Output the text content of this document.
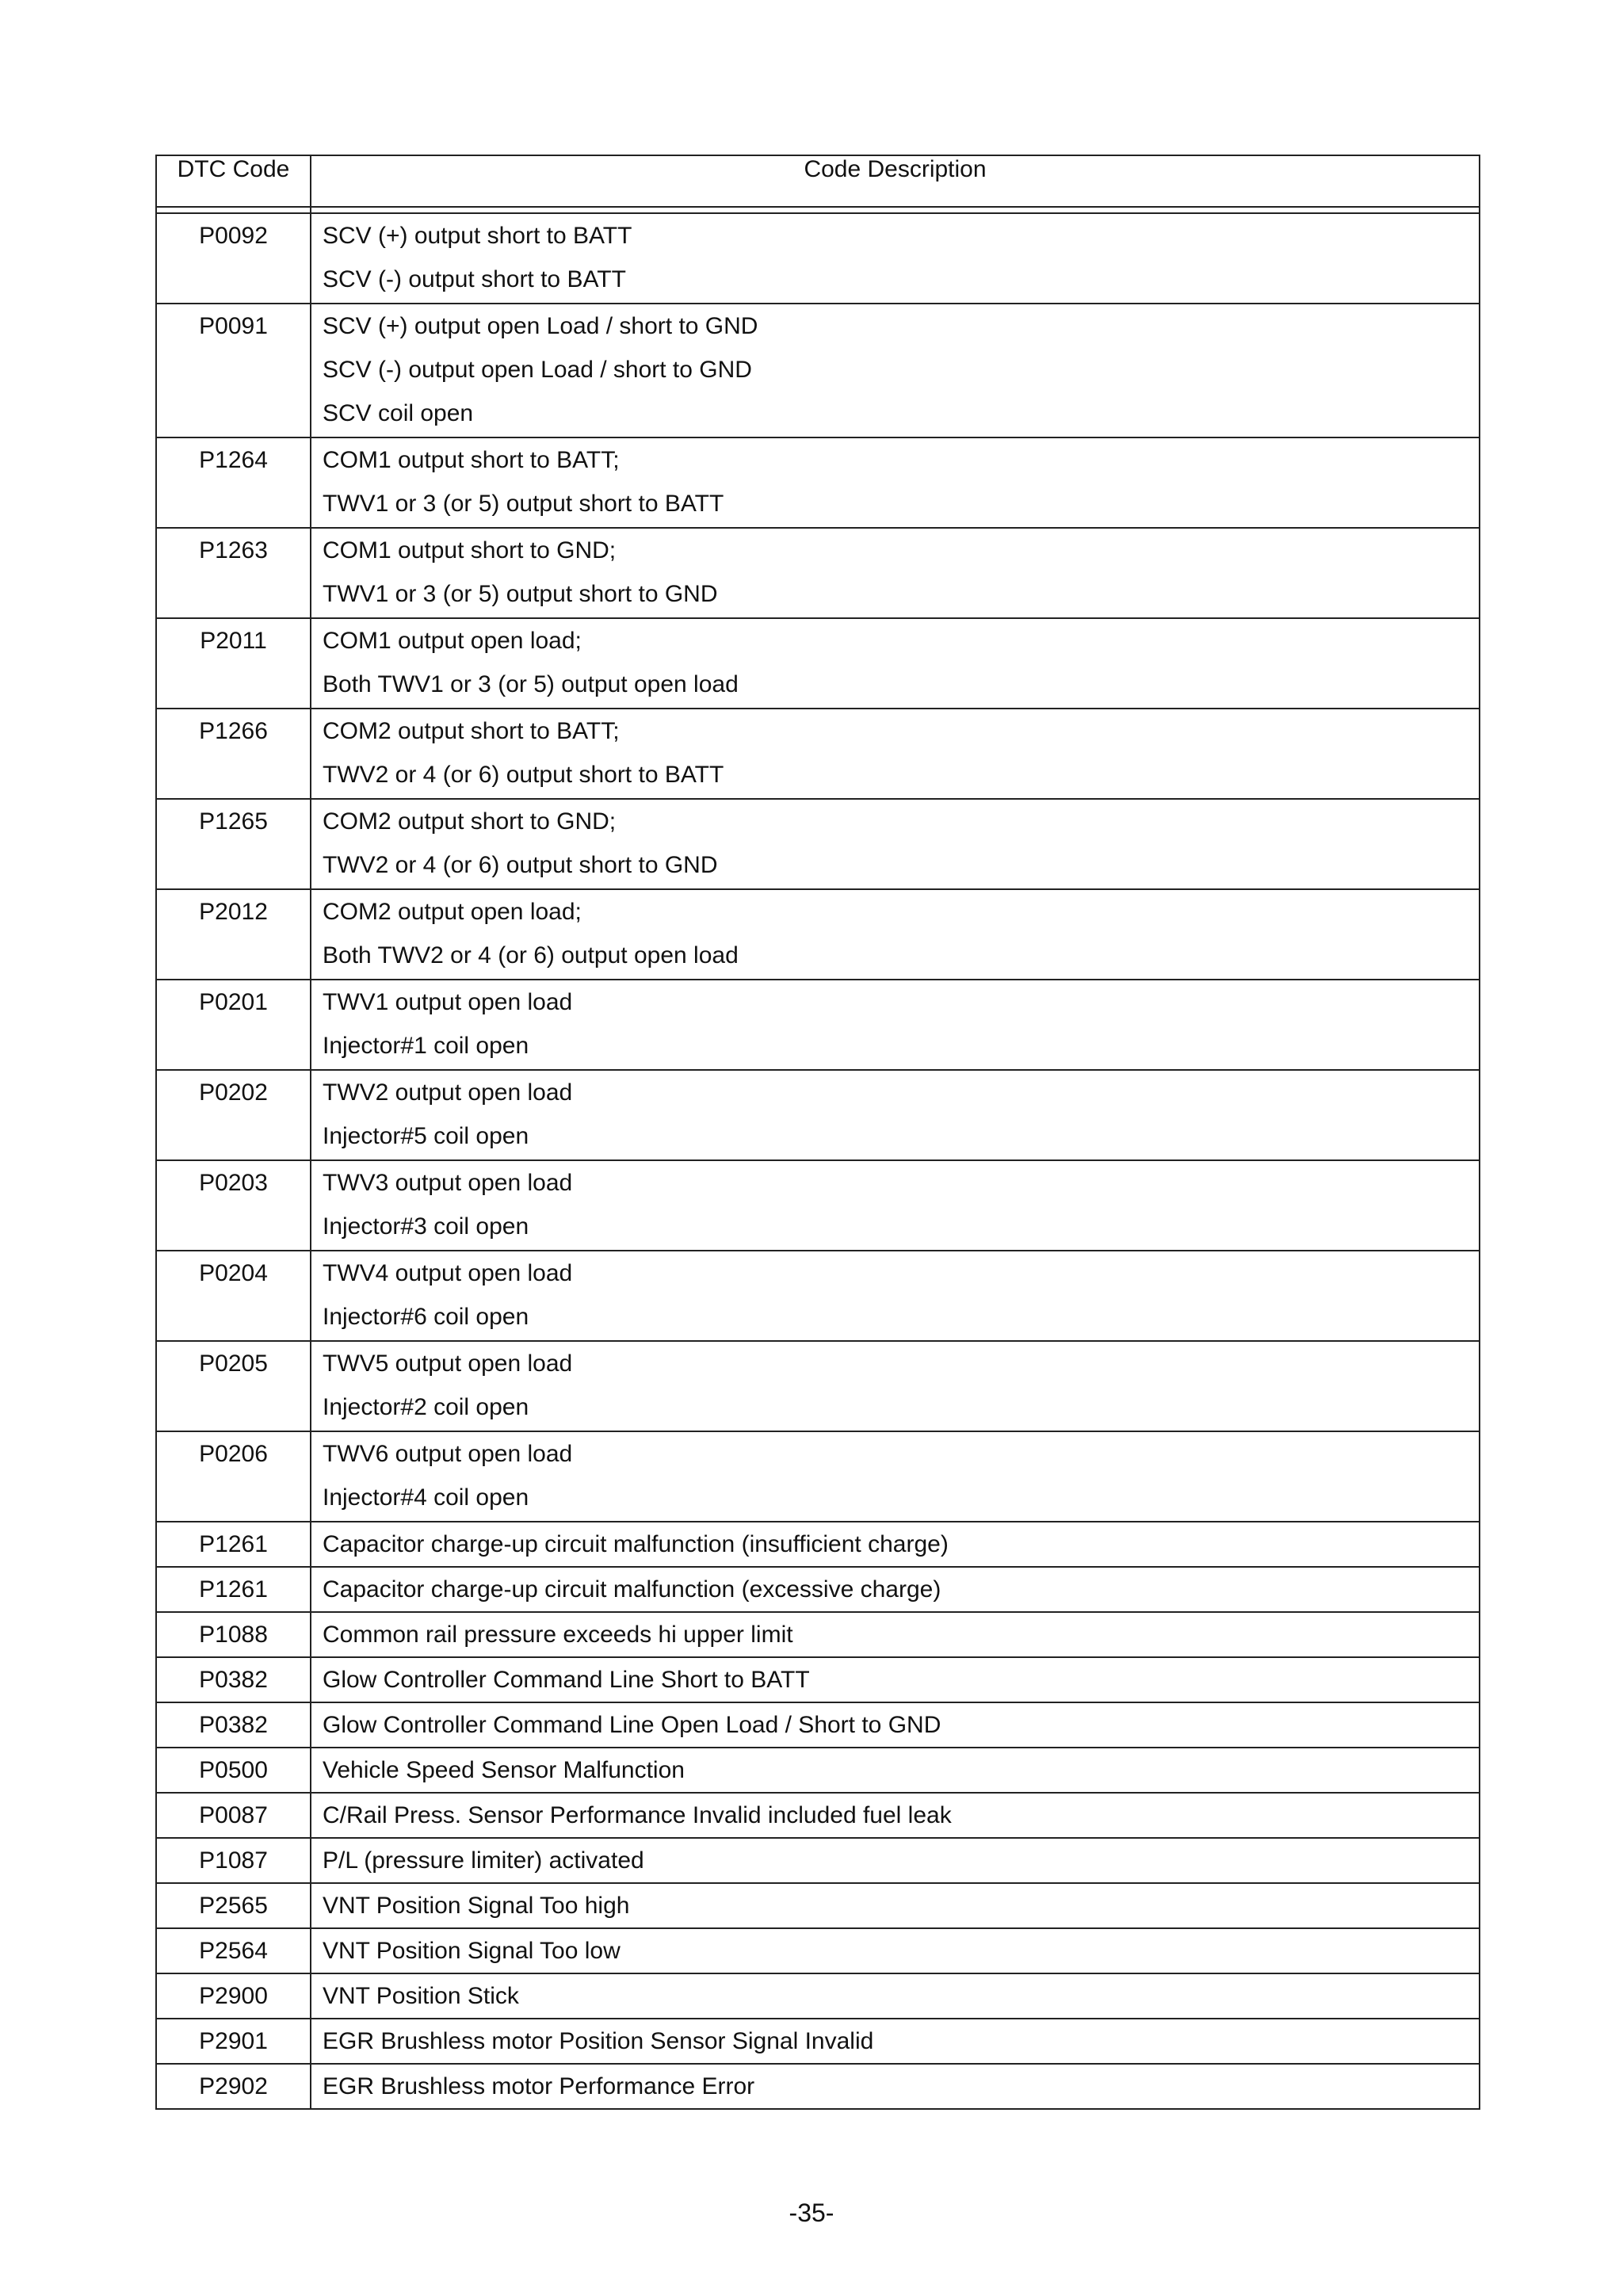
DTC Code	Code Description

P0092	SCV (+) output short to BATT
SCV (-) output short to BATT

P0091	SCV (+) output open Load / short to GND
SCV (-) output open Load / short to GND
SCV coil open

P1264	COM1 output short to BATT;
TWV1 or 3 (or 5) output short to BATT

P1263	COM1 output short to GND;
TWV1 or 3 (or 5) output short to GND

P2011	COM1 output open load;
Both TWV1 or 3 (or 5) output open load

P1266	COM2 output short to BATT;
TWV2 or 4 (or 6) output short to BATT

P1265	COM2 output short to GND;
TWV2 or 4 (or 6) output short to GND

P2012	COM2 output open load;
Both TWV2 or 4 (or 6) output open load

P0201	TWV1 output open load
Injector#1 coil open

P0202	TWV2 output open load
Injector#5 coil open

P0203	TWV3 output open load
Injector#3 coil open

P0204	TWV4 output open load
Injector#6 coil open

P0205	TWV5 output open load
Injector#2 coil open

P0206	TWV6 output open load
Injector#4 coil open

P1261	Capacitor charge-up circuit malfunction (insufficient charge)

P1261	Capacitor charge-up circuit malfunction (excessive charge)

P1088	Common rail pressure exceeds hi upper limit

P0382	Glow Controller Command Line Short to BATT

P0382	Glow Controller Command Line Open Load / Short to GND

P0500	Vehicle Speed Sensor Malfunction

P0087	C/Rail Press. Sensor Performance Invalid included fuel leak

P1087	P/L (pressure limiter) activated

P2565	VNT Position Signal Too high

P2564	VNT Position Signal Too low

P2900	VNT Position Stick

P2901	EGR Brushless motor Position Sensor Signal Invalid

P2902	EGR Brushless motor Performance Error
-35-
